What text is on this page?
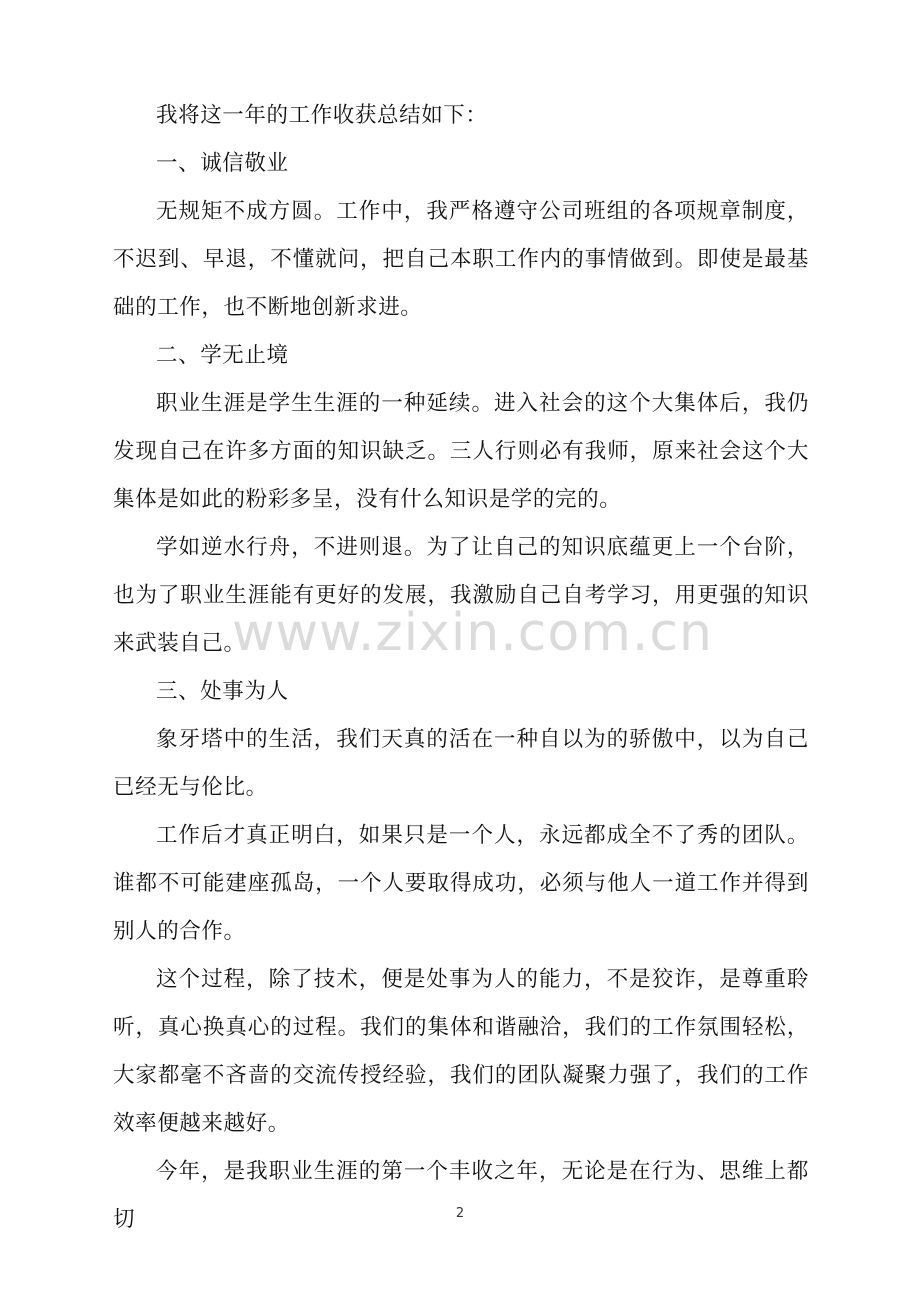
我将这一年的工作收获总结如下：

一、诚信敬业

无规矩不成方圆。工作中，我严格遵守公司班组的各项规章制度，不迟到、早退，不懂就问，把自己本职工作内的事情做到。即使是最基础的工作，也不断地创新求进。

二、学无止境

职业生涯是学生生涯的一种延续。进入社会的这个大集体后，我仍发现自己在许多方面的知识缺乏。三人行则必有我师，原来社会这个大集体是如此的粉彩多呈，没有什么知识是学的完的。

学如逆水行舟，不进则退。为了让自己的知识底蕴更上一个台阶，也为了职业生涯能有更好的发展，我激励自己自考学习，用更强的知识来武装自己。

三、处事为人

象牙塔中的生活，我们天真的活在一种自以为的骄傲中，以为自己已经无与伦比。

工作后才真正明白，如果只是一个人，永远都成全不了秀的团队。谁都不可能建座孤岛，一个人要取得成功，必须与他人一道工作并得到别人的合作。

这个过程，除了技术，便是处事为人的能力，不是狡诈，是尊重聆听，真心换真心的过程。我们的集体和谐融洽，我们的工作氛围轻松，大家都毫不吝啬的交流传授经验，我们的团队凝聚力强了，我们的工作效率便越来越好。

今年，是我职业生涯的第一个丰收之年，无论是在行为、思维上都切

www.zixin.com.cn
2
